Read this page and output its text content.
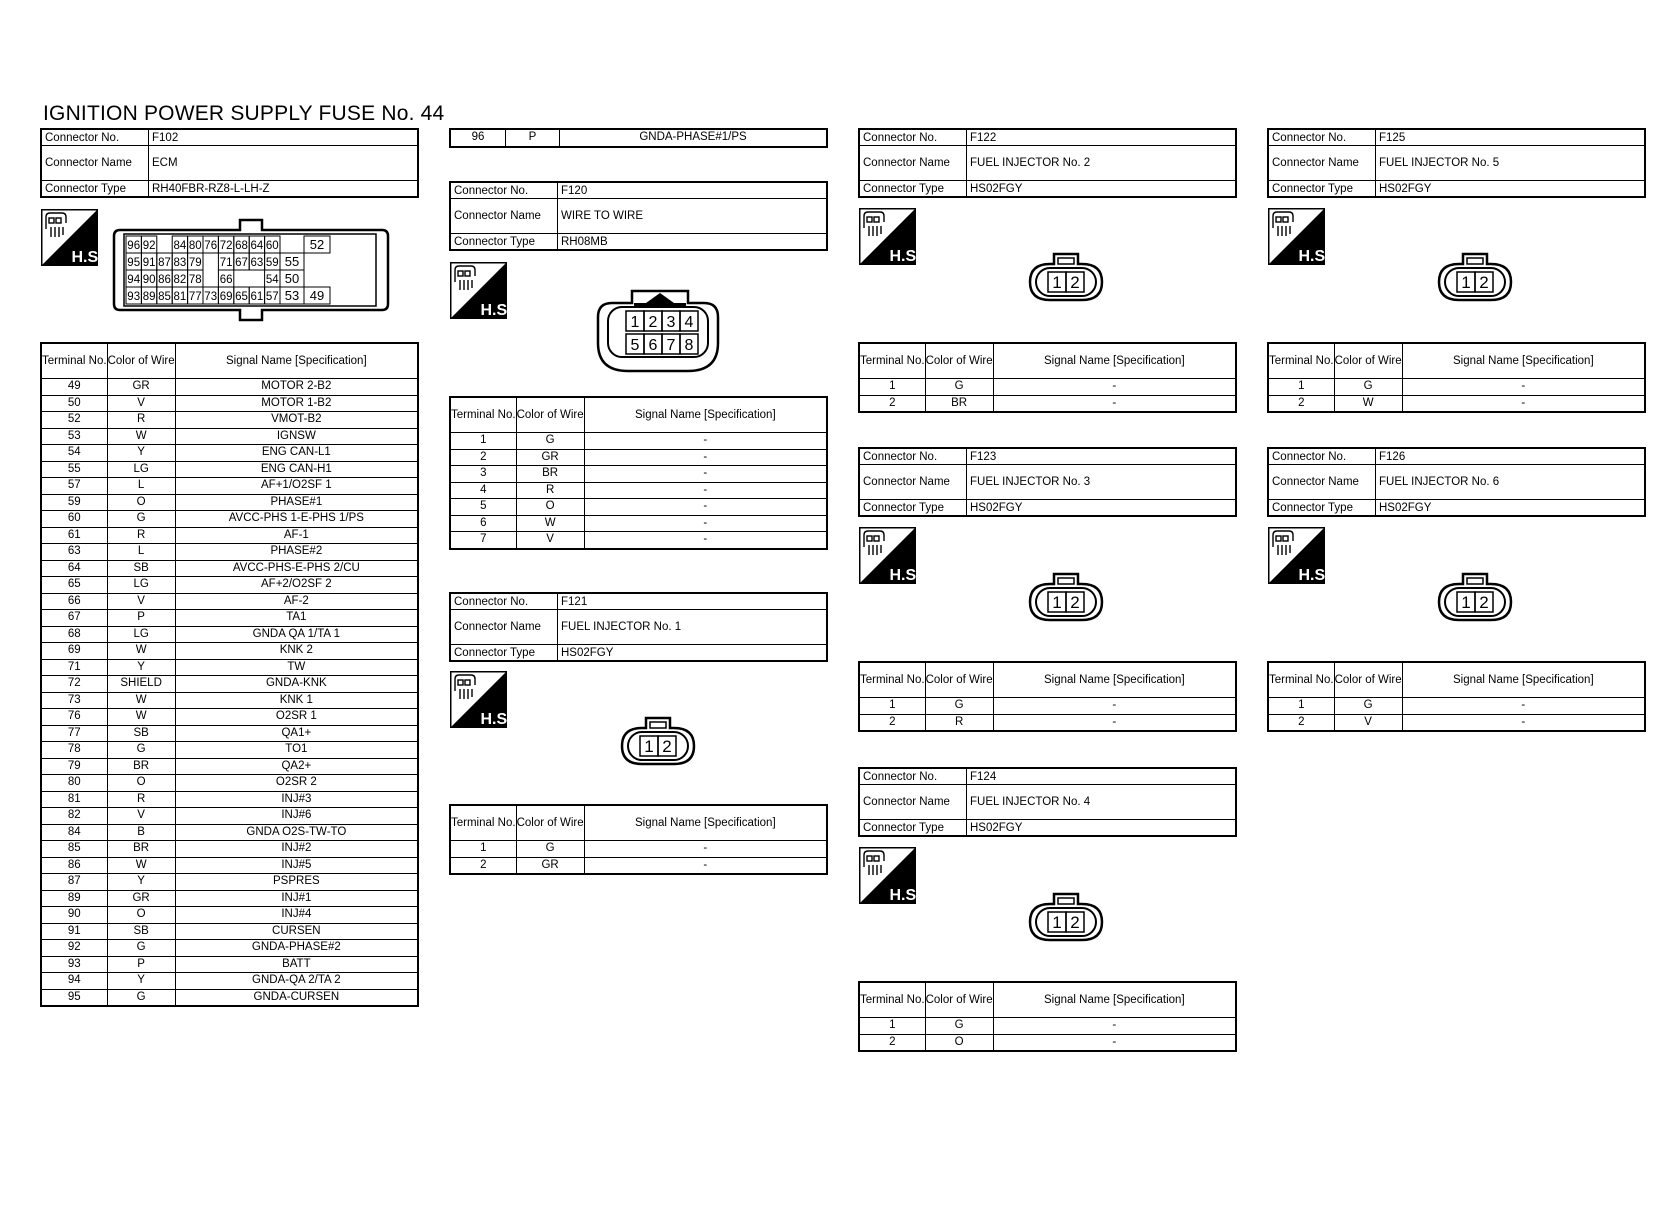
IGNITION POWER SUPPLY FUSE No. 44
Connector No.	F102
Connector Name	ECM
Connector Type	RH40FBR-RZ8-L-LH-Z
H.S.
96 92 84 80 76 72 68 64 60 52
95 91 87 83 79 71 67 63 59 55
94 90 86 82 78 66	54 50
93 89 85 81 77 73 69 65 61 57 53 49
Terminal No.	Color of Wire	Signal Name [Specification]
49	GR	MOTOR 2-B2
50	V	MOTOR 1-B2
52	R	VMOT-B2
53	W	IGNSW
54	Y	ENG CAN-L1
55	LG	ENG CAN-H1
57	L	AF+1/O2SF 1
59	O	PHASE#1
60	G	AVCC-PHS 1-E-PHS 1/PS
61	R	AF-1
63	L	PHASE#2
64	SB	AVCC-PHS-E-PHS 2/CU
65	LG	AF+2/O2SF 2
66	V	AF-2
67	P	TA1
68	LG	GNDA QA 1/TA 1
69	W	KNK 2
71	Y	TW
72	SHIELD	GNDA-KNK
73	W	KNK 1
76	W	O2SR 1
77	SB	QA1+
78	G	TO1
79	BR	QA2+
80	O	O2SR 2
81	R	INJ#3
82	V	INJ#6
84	B	GNDA O2S-TW-TO
85	BR	INJ#2
86	W	INJ#5
87	Y	PSPRES
89	GR	INJ#1
90	O	INJ#4
91	SB	CURSEN
92	G	GNDA-PHASE#2
93	P	BATT
94	Y	GNDA-QA 2/TA 2
95	G	GNDA-CURSEN
96	P	GNDA-PHASE#1/PS
Connector No.	F120
Connector Name	WIRE TO WIRE
Connector Type	RH08MB
H.S.
1 2 3 4
5 6 7 8
Terminal No.	Color of Wire	Signal Name [Specification]
1	G	-
2	GR	-
3	BR	-
4	R	-
5	O	-
6	W	-
7	V	-
Connector No.	F121
Connector Name	FUEL INJECTOR No. 1
Connector Type	HS02FGY
H.S.
1 2
Terminal No.	Color of Wire	Signal Name [Specification]
1	G	-
2	GR	-
Connector No.	F122
Connector Name	FUEL INJECTOR No. 2
Connector Type	HS02FGY
H.S.
1 2
Terminal No.	Color of Wire	Signal Name [Specification]
1	G	-
2	BR	-
Connector No.	F123
Connector Name	FUEL INJECTOR No. 3
Connector Type	HS02FGY
H.S.
1 2
Terminal No.	Color of Wire	Signal Name [Specification]
1	G	-
2	R	-
Connector No.	F124
Connector Name	FUEL INJECTOR No. 4
Connector Type	HS02FGY
H.S.
1 2
Terminal No.	Color of Wire	Signal Name [Specification]
1	G	-
2	O	-
Connector No.	F125
Connector Name	FUEL INJECTOR No. 5
Connector Type	HS02FGY
H.S.
1 2
Terminal No.	Color of Wire	Signal Name [Specification]
1	G	-
2	W	-
Connector No.	F126
Connector Name	FUEL INJECTOR No. 6
Connector Type	HS02FGY
H.S.
1 2
Terminal No.	Color of Wire	Signal Name [Specification]
1	G	-
2	V	-
